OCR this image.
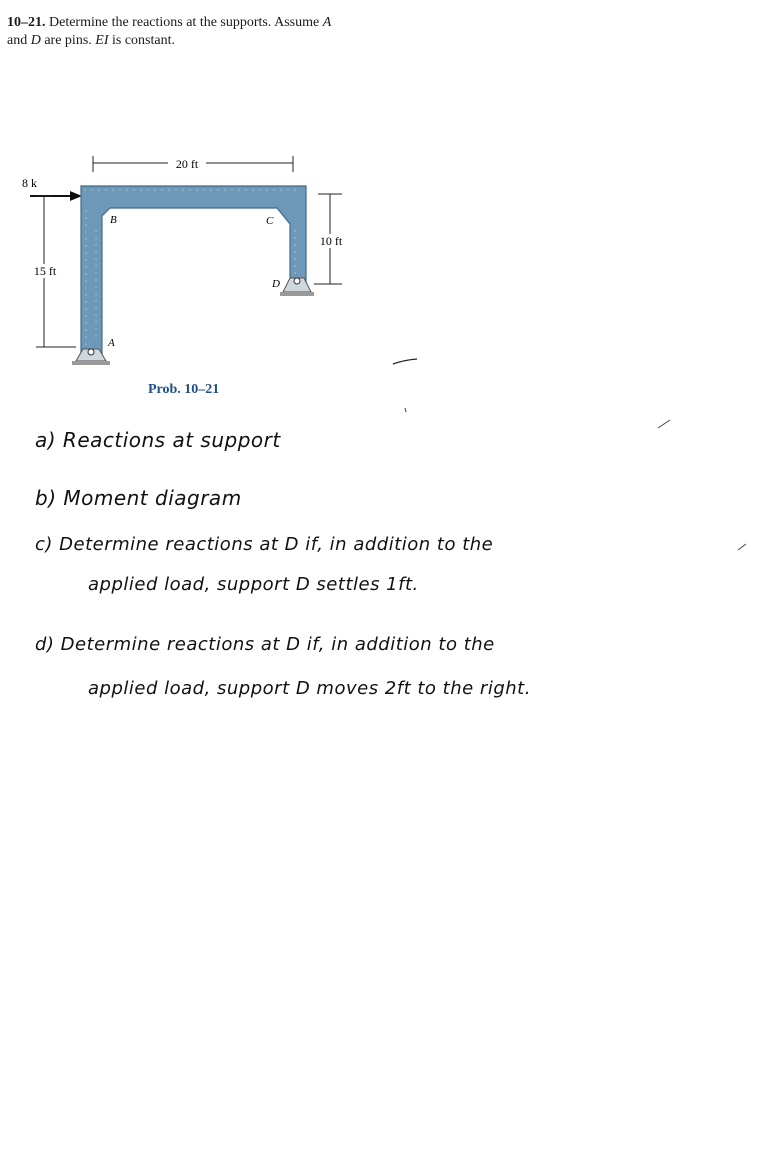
10–21. Determine the reactions at the supports. Assume A
and D are pins. EI is constant.
20 ft
8 k
B	C
D
A
15 ft
10 ft
Prob. 10–21
a) Reactions at support
b) Moment diagram
c) Determine reactions at D if, in addition to the
applied load, support D settles 1ft.
d) Determine reactions at D if, in addition to the
applied load, support D moves 2ft to the right.
